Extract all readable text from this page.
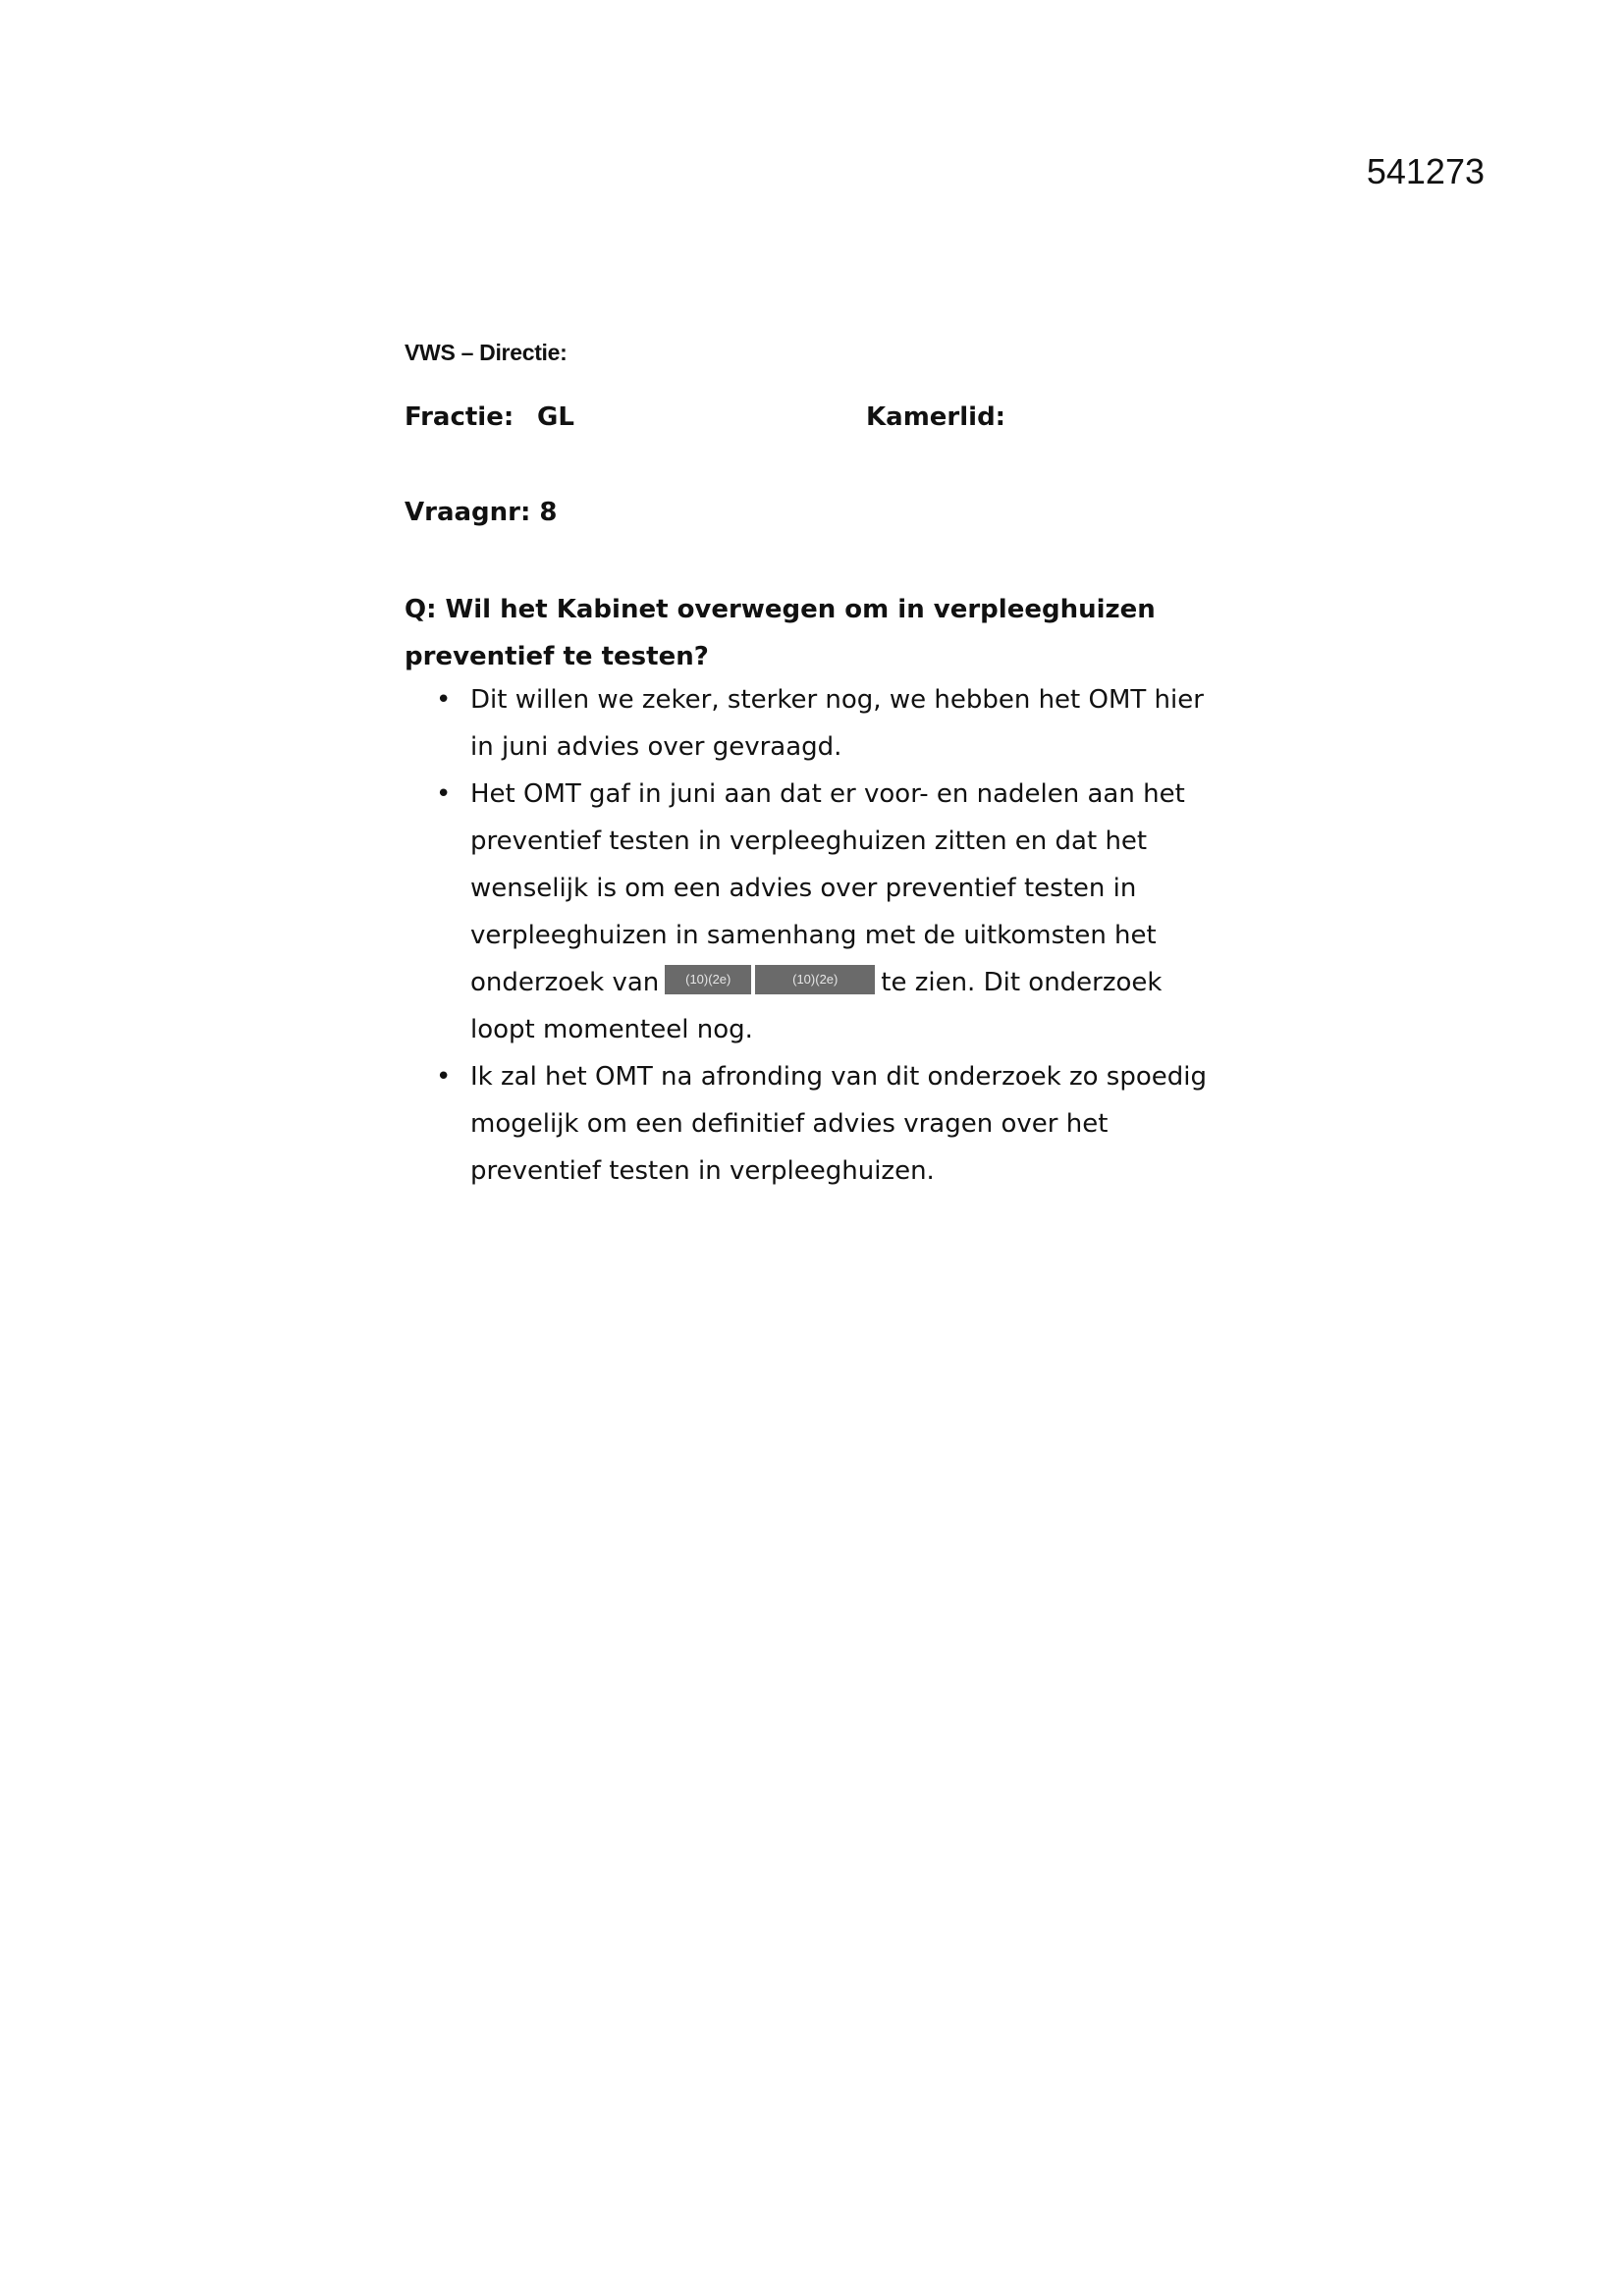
541273
VWS – Directie:
Fractie: GL	Kamerlid:
Vraagnr: 8
Q: Wil het Kabinet overwegen om in verpleeghuizen
preventief te testen?
• Dit willen we zeker, sterker nog, we hebben het OMT hier
in juni advies over gevraagd.
• Het OMT gaf in juni aan dat er voor- en nadelen aan het
preventief testen in verpleeghuizen zitten en dat het
wenselijk is om een advies over preventief testen in
verpleeghuizen in samenhang met de uitkomsten het
onderzoek van (10)(2e)	(10)(2e) te zien. Dit onderzoek
loopt momenteel nog.
• Ik zal het OMT na afronding van dit onderzoek zo spoedig
mogelijk om een definitief advies vragen over het
preventief testen in verpleeghuizen.
